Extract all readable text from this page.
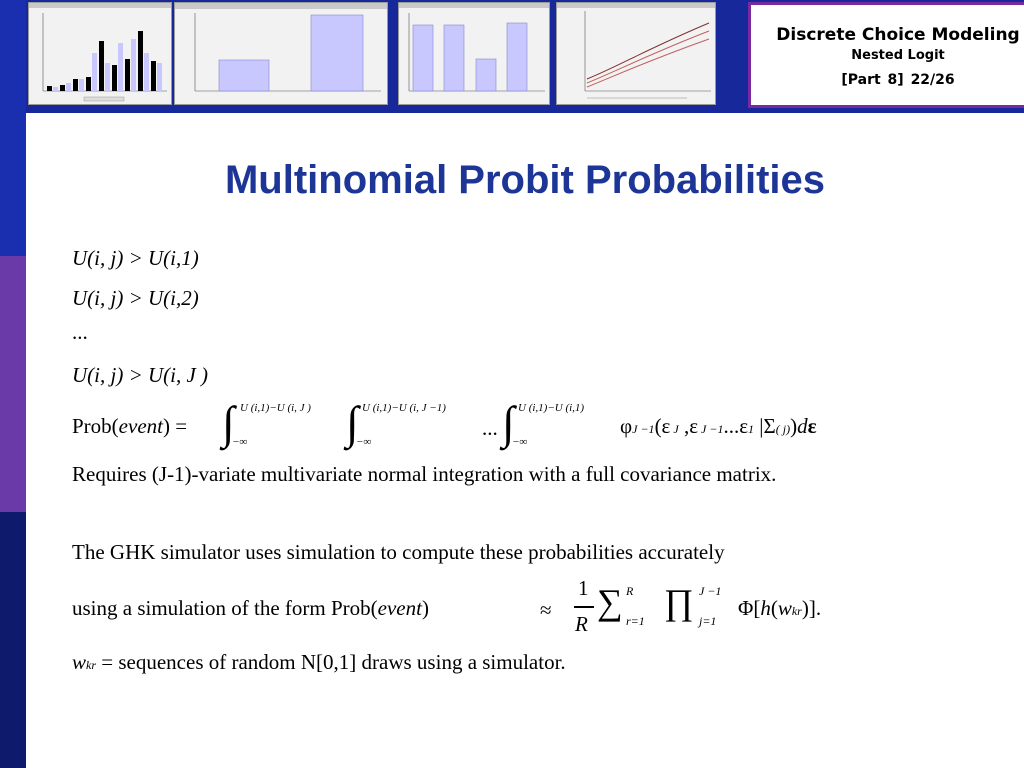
Discrete Choice Modeling
Nested Logit
[Part 8] 22/26
Multinomial Probit Probabilities
U(i, j) > U(i,1)
U(i, j) > U(i,2)
...
U(i, j) > U(i, J )
Prob(event) = ∫ U (i,1)−U (i, J )
−∞ ∫ U (i,1)−U (i, J −1)
−∞
... ∫ U (i,1)−U (i,1)
−∞
φJ −1(ε J ,ε J −1...ε1 |Σ( j))dε
Requires (J-1)-variate multivariate normal integration with a full covariance matrix.
The GHK simulator uses simulation to compute these probabilities accurately
using a simulation of the form Prob(event)	≈
1
R
∑ R
r=1 ∏ J −1
j=1
Φ[h(wkr)].
wkr = sequences of random N[0,1] draws using a simulator.
